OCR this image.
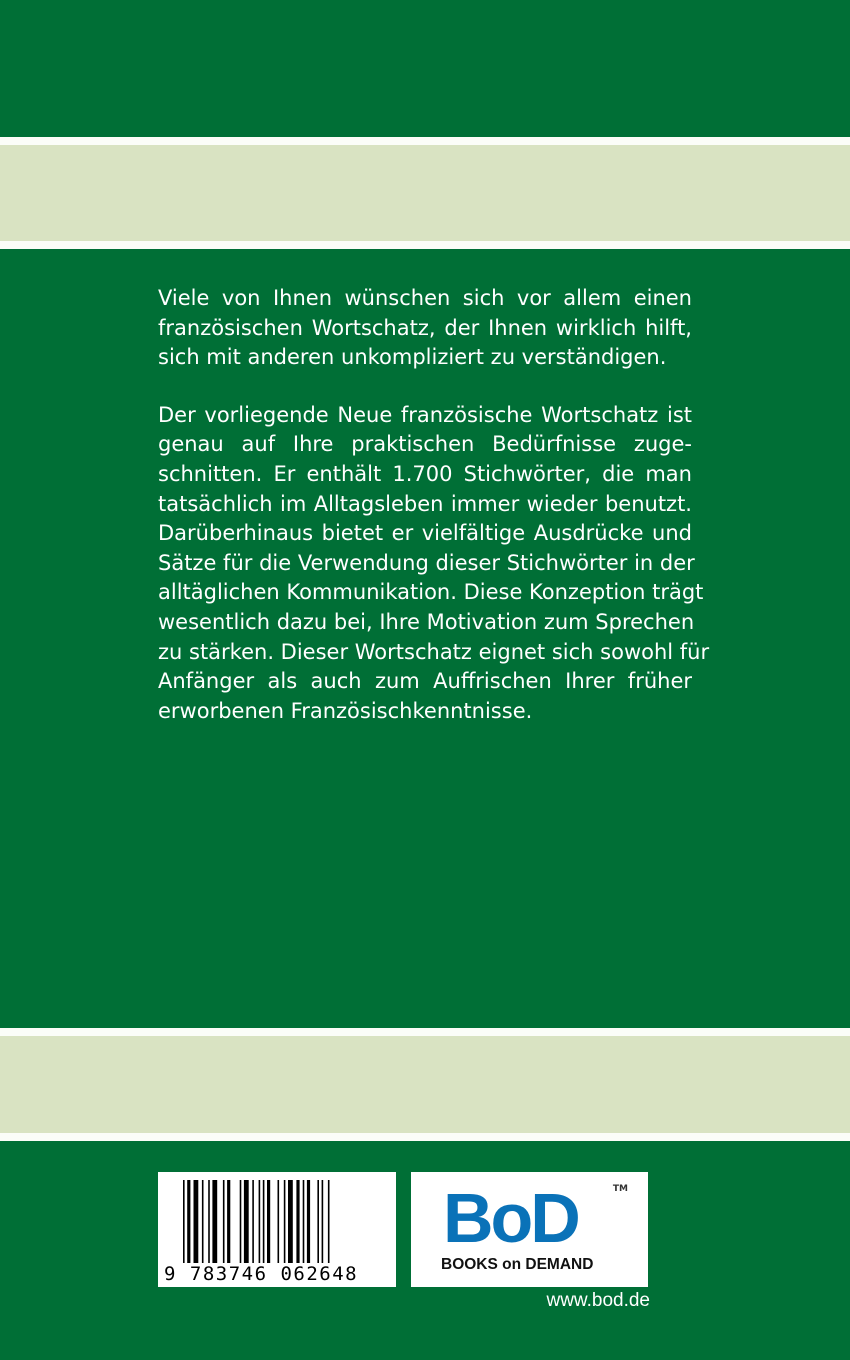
Viele von Ihnen wünschen sich vor allem einen
französischen Wortschatz, der Ihnen wirklich hilft,
sich mit anderen unkompliziert zu verständigen.
Der vorliegende Neue französische Wortschatz ist
genau auf Ihre praktischen Bedürfnisse zuge-
schnitten. Er enthält 1.700 Stichwörter, die man
tatsächlich im Alltagsleben immer wieder benutzt.
Darüberhinaus bietet er vielfältige Ausdrücke und
Sätze für die Verwendung dieser Stichwörter in der
alltäglichen Kommunikation. Diese Konzeption trägt
wesentlich dazu bei, Ihre Motivation zum Sprechen
zu stärken. Dieser Wortschatz eignet sich sowohl für
Anfänger als auch zum Auffrischen Ihrer früher
erworbenen Französischkenntnisse.
9 783746 062648
BoD	TM
BOOKS on DEMAND
www.bod.de
